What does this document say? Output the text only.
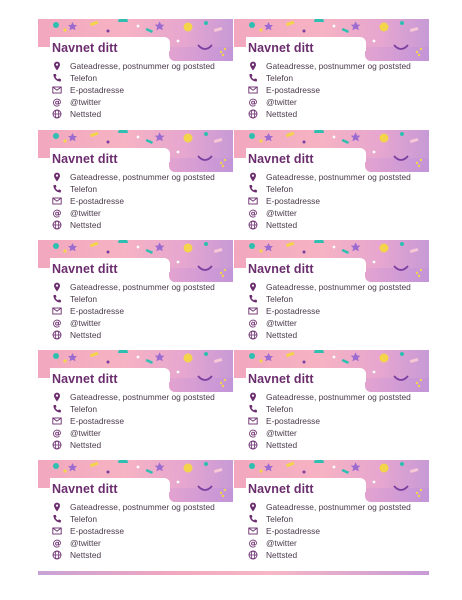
Navnet ditt
Gateadresse, postnummer og poststed
Telefon
E-postadresse
@ @twitter
Nettsted
Navnet ditt
Gateadresse, postnummer og poststed
Telefon
E-postadresse
@ @twitter
Nettsted
Navnet ditt
Gateadresse, postnummer og poststed
Telefon
E-postadresse
@ @twitter
Nettsted
Navnet ditt
Gateadresse, postnummer og poststed
Telefon
E-postadresse
@ @twitter
Nettsted
Navnet ditt
Gateadresse, postnummer og poststed
Telefon
E-postadresse
@ @twitter
Nettsted
Navnet ditt
Gateadresse, postnummer og poststed
Telefon
E-postadresse
@ @twitter
Nettsted
Navnet ditt
Gateadresse, postnummer og poststed
Telefon
E-postadresse
@ @twitter
Nettsted
Navnet ditt
Gateadresse, postnummer og poststed
Telefon
E-postadresse
@ @twitter
Nettsted
Navnet ditt
Gateadresse, postnummer og poststed
Telefon
E-postadresse
@ @twitter
Nettsted
Navnet ditt
Gateadresse, postnummer og poststed
Telefon
E-postadresse
@ @twitter
Nettsted
